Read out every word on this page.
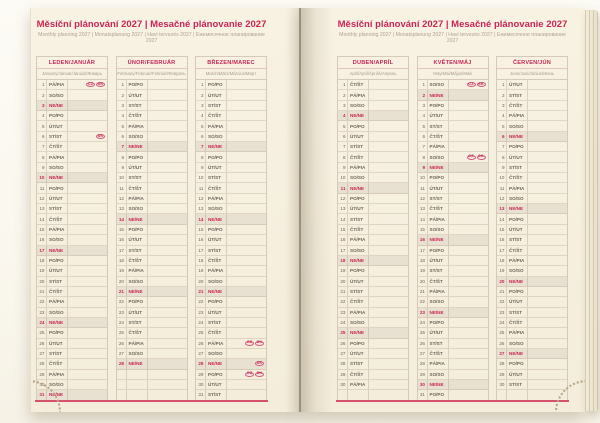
Měsíční plánování 2027 | Mesačné plánovanie 2027
Monthly planning 2027 | Monatsplanung 2027 | Havi tervezés 2027 | Ежемесячное планирование 2027
LEDEN/JANUÁR
January/Januar/Január/Январь
1 PÁ/PIA	CZ	SK
2 SO/SO
3 NE/NE
4 PO/PO
5 ÚT/UT
6 ST/ST	SK
7 ČT/ŠT
8 PÁ/PIA
9 SO/SO
10 NE/NE
11 PO/PO
12 ÚT/UT
13 ST/ST
14 ČT/ŠT
15 PÁ/PIA
16 SO/SO
17 NE/NE
18 PO/PO
19 ÚT/UT
20 ST/ST
21 ČT/ŠT
22 PÁ/PIA
23 SO/SO
24 NE/NE
25 PO/PO
26 ÚT/UT
27 ST/ST
28 ČT/ŠT
29 PÁ/PIA
30 SO/SO
31 NE/NE
ÚNOR/FEBRUÁR
February/Februar/Február/Февраль
1 PO/PO
2 ÚT/UT
3 ST/ST
4 ČT/ŠT
5 PÁ/PIA
6 SO/SO
7 NE/NE
8 PO/PO
9 ÚT/UT
10 ST/ST
11 ČT/ŠT
12 PÁ/PIA
13 SO/SO
14 NE/NE
15 PO/PO
16 ÚT/UT
17 ST/ST
18 ČT/ŠT
19 PÁ/PIA
20 SO/SO
21 NE/NE
22 PO/PO
23 ÚT/UT
24 ST/ST
25 ČT/ŠT
26 PÁ/PIA
27 SO/SO
28 NE/NE
BŘEZEN/MAREC
March/März/Március/Март
1 PO/PO
2 ÚT/UT
3 ST/ST
4 ČT/ŠT
5 PÁ/PIA
6 SO/SO
7 NE/NE
8 PO/PO
9 ÚT/UT
10 ST/ST
11 ČT/ŠT
12 PÁ/PIA
13 SO/SO
14 NE/NE
15 PO/PO
16 ÚT/UT
17 ST/ST
18 ČT/ŠT
19 PÁ/PIA
20 SO/SO
21 NE/NE
22 PO/PO
23 ÚT/UT
24 ST/ST
25 ČT/ŠT
26 PÁ/PIA	CZ	SK
27 SO/SO
28 NE/NE	SK
29 PO/PO	CZ	SK
30 ÚT/UT
31 ST/ST
Měsíční plánování 2027 | Mesačné plánovanie 2027
Monthly planning 2027 | Monatsplanung 2027 | Havi tervezés 2027 | Ежемесячное планирование 2027
DUBEN/APRÍL
April/April/Április/Апрель
1 ČT/ŠT
2 PÁ/PIA
3 SO/SO
4 NE/NE
5 PO/PO
6 ÚT/UT
7 ST/ST
8 ČT/ŠT
9 PÁ/PIA
10 SO/SO
11 NE/NE
12 PO/PO
13 ÚT/UT
14 ST/ST
15 ČT/ŠT
16 PÁ/PIA
17 SO/SO
18 NE/NE
19 PO/PO
20 ÚT/UT
21 ST/ST
22 ČT/ŠT
23 PÁ/PIA
24 SO/SO
25 NE/NE
26 PO/PO
27 ÚT/UT
28 ST/ST
29 ČT/ŠT
30 PÁ/PIA
KVĚTEN/MÁJ
May/Mai/Május/Май
1 SO/SO	CZ	SK
2 NE/NE
3 PO/PO
4 ÚT/UT
5 ST/ST
6 ČT/ŠT
7 PÁ/PIA
8 SO/SO	CZ	SK
9 NE/NE
10 PO/PO
11 ÚT/UT
12 ST/ST
13 ČT/ŠT
14 PÁ/PIA
15 SO/SO
16 NE/NE
17 PO/PO
18 ÚT/UT
19 ST/ST
20 ČT/ŠT
21 PÁ/PIA
22 SO/SO
23 NE/NE
24 PO/PO
25 ÚT/UT
26 ST/ST
27 ČT/ŠT
28 PÁ/PIA
29 SO/SO
30 NE/NE
31 PO/PO
ČERVEN/JÚN
June/Juni/Június/Июнь
1 ÚT/UT
2 ST/ST
3 ČT/ŠT
4 PÁ/PIA
5 SO/SO
6 NE/NE
7 PO/PO
8 ÚT/UT
9 ST/ST
10 ČT/ŠT
11 PÁ/PIA
12 SO/SO
13 NE/NE
14 PO/PO
15 ÚT/UT
16 ST/ST
17 ČT/ŠT
18 PÁ/PIA
19 SO/SO
20 NE/NE
21 PO/PO
22 ÚT/UT
23 ST/ST
24 ČT/ŠT
25 PÁ/PIA
26 SO/SO
27 NE/NE
28 PO/PO
29 ÚT/UT
30 ST/ST
